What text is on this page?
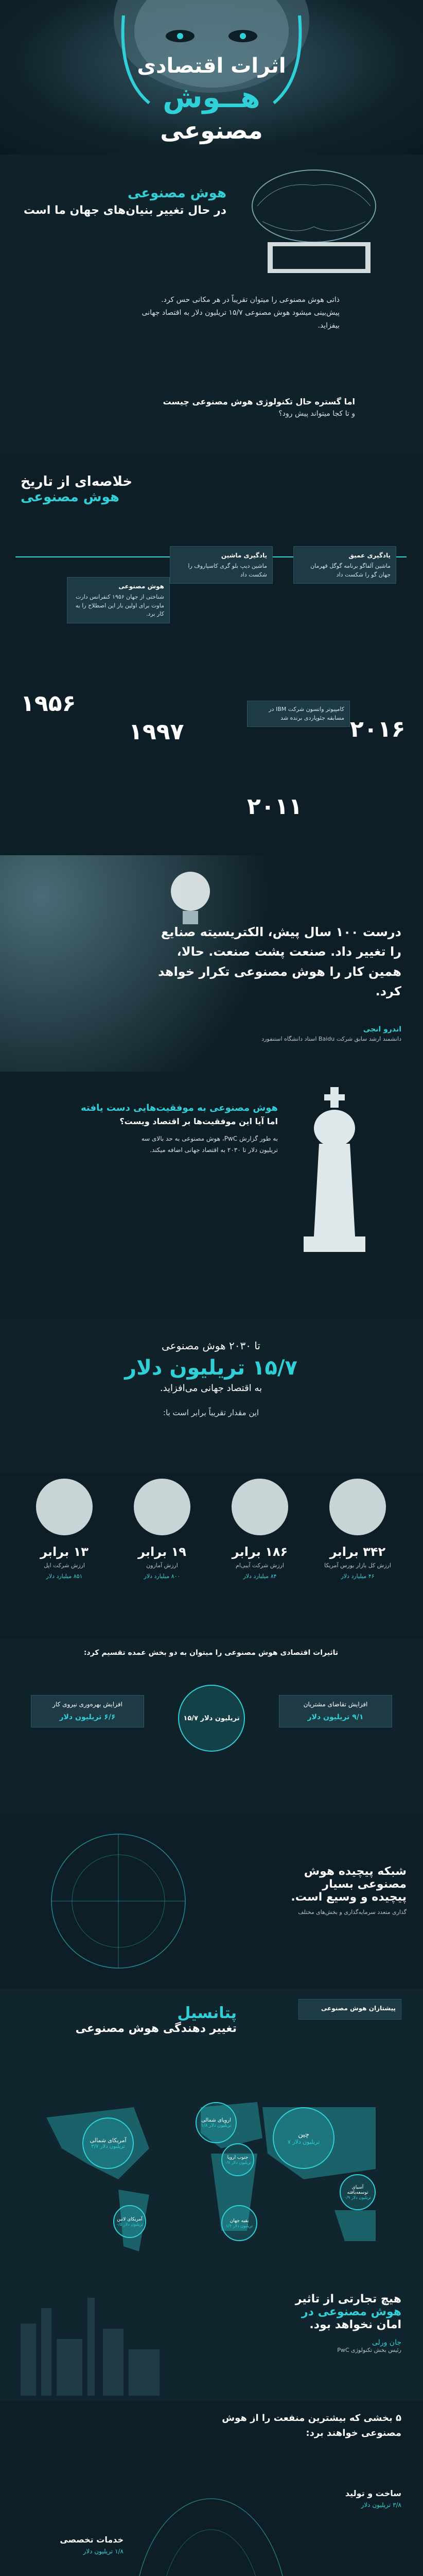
اثرات اقتصادی
هــوش
مصنوعی
هوش مصنوعی
در حال تغییر بنیان‌های جهان ما است
ذاتی هوش مصنوعی را میتوان تقریباً در هر مکانی حس کرد. پیش‌بینی میشود هوش مصنوعی ۱۵/۷ تریلیون دلار به اقتصاد جهانی بیفزاید.
اما گستره حال تکنولوژی هوش مصنوعی چیست
و تا کجا میتواند پیش رود؟
خلاصه‌ای از تاریخ
هوش مصنوعی
هوش مصنوعی
شناختی از جهان ۱۹۵۶ کنفرانس دارت ماوت برای اولین بار این اصطلاح را به کار برد.
۱۹۵۶
یادگیری ماشین
ماشین دیپ بلو گری کاسپاروف را شکست داد
۱۹۹۷
یادگیری عمیق
ماشین آلفاگو برنامه گوگل قهرمان جهان گو را شکست داد
۲۰۱۶
کامپیوتر واتسون شرکت IBM در مسابقه جئوپاردی برنده شد
۲۰۱۱
درست ۱۰۰ سال پیش، الکتریسیته صنایع را تغییر داد. صنعت پشت صنعت. حالا، همین کار را هوش مصنوعی تکرار خواهد کرد.
اندرو انجی
دانشمند ارشد سابق شرکت Baidu استاد دانشگاه استنفورد
هوش مصنوعی به موفقیت‌هایی دست یافته
اما آیا این موفقیت‌ها بر اقتصاد ویست؟
به طور گزارش PwC، هوش مصنوعی به حد بالای سه تریلیون دلار تا ۲۰۳۰ به اقتصاد جهانی اضافه میکند.
تا ۲۰۳۰ هوش مصنوعی
۱۵/۷ تریلیون دلار
به اقتصاد جهانی می‌افزاید.
این مقدار تقریباً برابر است با:
۱۳ برابر
ارزش شرکت اپل
۸۵۱ میلیارد دلار
۱۹ برابر
ارزش آمازون
۸۰۰ میلیارد دلار
۱۸۶ برابر
ارزش شرکت آیبی‌ام
۸۴ میلیارد دلار
۳۴۲ برابر
ارزش کل بازار بورس آمریکا
۴۶ میلیارد دلار
تاثیرات اقتصادی هوش مصنوعی را میتوان به دو بخش عمده تقسیم کرد:
۱۵/۷ تریلیون دلار
افزایش بهره‌وری نیروی کار
۶/۶ تریلیون دلار
افزایش تقاضای مشتریان
۹/۱ تریلیون دلار
شبکه پیچیده هوش
مصنوعی بسیار
پیچیده و وسیع است.
گذاری متعدد سرمایه‌گذاری و بخش‌های مختلف
پتانسیل
تغییر دهندگی هوش مصنوعی
پیشتازان هوش مصنوعی
چین
۷ تریلیون دلار
آمریکای شمالی
۳/۷ تریلیون دلار
اروپای شمالی
۱/۸ تریلیون دلار
جنوب اروپا
۰/۷ تریلیون دلار
آسیای توسعه‌یافته
۰/۹ تریلیون دلار
آمریکای لاتین
۰/۵ تریلیون دلار
بقیه جهان
۱/۲ تریلیون دلار
هیچ تجارتی از تاثیر
هوش مصنوعی در
امان نخواهد بود.
جان ورلی
رئیس بخش تکنولوژی PwC
۵ بخشی که بیشترین منفعت را از هوش مصنوعی خواهند برد:
ساخت و تولید
۳/۸ تریلیون دلار
خدمات تخصصی
۱/۸ تریلیون دلار
